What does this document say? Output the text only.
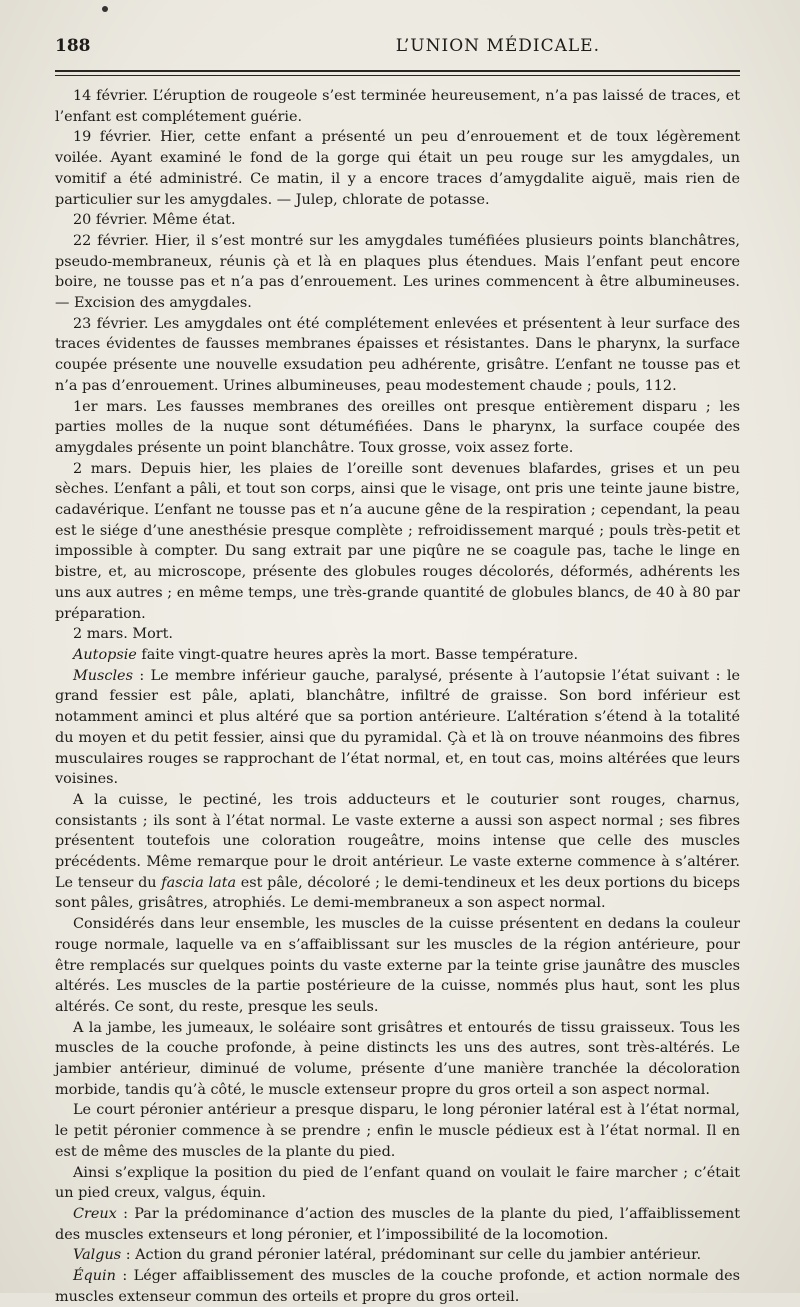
188	L’UNION MÉDICALE.

14 février. L’éruption de rougeole s’est terminée heureusement, n’a pas laissé de traces, et l’enfant est complétement guérie.

19 février. Hier, cette enfant a présenté un peu d’enrouement et de toux légèrement voilée. Ayant examiné le fond de la gorge qui était un peu rouge sur les amygdales, un vomitif a été administré. Ce matin, il y a encore traces d’amygdalite aiguë, mais rien de particulier sur les amygdales. — Julep, chlorate de potasse.

20 février. Même état.

22 février. Hier, il s’est montré sur les amygdales tuméfiées plusieurs points blanchâtres, pseudo-membraneux, réunis çà et là en plaques plus étendues. Mais l’enfant peut encore boire, ne tousse pas et n’a pas d’enrouement. Les urines commencent à être albumineuses. — Excision des amygdales.

23 février. Les amygdales ont été complétement enlevées et présentent à leur surface des traces évidentes de fausses membranes épaisses et résistantes. Dans le pharynx, la surface coupée présente une nouvelle exsudation peu adhérente, grisâtre. L’enfant ne tousse pas et n’a pas d’enrouement. Urines albumineuses, peau modestement chaude ; pouls, 112.

1er mars. Les fausses membranes des oreilles ont presque entièrement disparu ; les parties molles de la nuque sont détuméfiées. Dans le pharynx, la surface coupée des amygdales présente un point blanchâtre. Toux grosse, voix assez forte.

2 mars. Depuis hier, les plaies de l’oreille sont devenues blafardes, grises et un peu sèches. L’enfant a pâli, et tout son corps, ainsi que le visage, ont pris une teinte jaune bistre, cadavérique. L’enfant ne tousse pas et n’a aucune gêne de la respiration ; cependant, la peau est le siége d’une anesthésie presque complète ; refroidissement marqué ; pouls très-petit et impossible à compter. Du sang extrait par une piqûre ne se coagule pas, tache le linge en bistre, et, au microscope, présente des globules rouges décolorés, déformés, adhérents les uns aux autres ; en même temps, une très-grande quantité de globules blancs, de 40 à 80 par préparation.

2 mars. Mort.

Autopsie faite vingt-quatre heures après la mort. Basse température.

Muscles : Le membre inférieur gauche, paralysé, présente à l’autopsie l’état suivant : le grand fessier est pâle, aplati, blanchâtre, infiltré de graisse. Son bord inférieur est notamment aminci et plus altéré que sa portion antérieure. L’altération s’étend à la totalité du moyen et du petit fessier, ainsi que du pyramidal. Çà et là on trouve néanmoins des fibres musculaires rouges se rapprochant de l’état normal, et, en tout cas, moins altérées que leurs voisines.

A la cuisse, le pectiné, les trois adducteurs et le couturier sont rouges, charnus, consistants ; ils sont à l’état normal. Le vaste externe a aussi son aspect normal ; ses fibres présentent toutefois une coloration rougeâtre, moins intense que celle des muscles précédents. Même remarque pour le droit antérieur. Le vaste externe commence à s’altérer. Le tenseur du fascia lata est pâle, décoloré ; le demi-tendineux et les deux portions du biceps sont pâles, grisâtres, atrophiés. Le demi-membraneux a son aspect normal.

Considérés dans leur ensemble, les muscles de la cuisse présentent en dedans la couleur rouge normale, laquelle va en s’affaiblissant sur les muscles de la région antérieure, pour être remplacés sur quelques points du vaste externe par la teinte grise jaunâtre des muscles altérés. Les muscles de la partie postérieure de la cuisse, nommés plus haut, sont les plus altérés. Ce sont, du reste, presque les seuls.

A la jambe, les jumeaux, le soléaire sont grisâtres et entourés de tissu graisseux. Tous les muscles de la couche profonde, à peine distincts les uns des autres, sont très-altérés. Le jambier antérieur, diminué de volume, présente d’une manière tranchée la décoloration morbide, tandis qu’à côté, le muscle extenseur propre du gros orteil a son aspect normal.

Le court péronier antérieur a presque disparu, le long péronier latéral est à l’état normal, le petit péronier commence à se prendre ; enfin le muscle pédieux est à l’état normal. Il en est de même des muscles de la plante du pied.

Ainsi s’explique la position du pied de l’enfant quand on voulait le faire marcher ; c’était un pied creux, valgus, équin.

Creux : Par la prédominance d’action des muscles de la plante du pied, l’affaiblissement des muscles extenseurs et long péronier, et l’impossibilité de la locomotion.

Valgus : Action du grand péronier latéral, prédominant sur celle du jambier antérieur.

Équin : Léger affaiblissement des muscles de la couche profonde, et action normale des muscles extenseur commun des orteils et propre du gros orteil.
